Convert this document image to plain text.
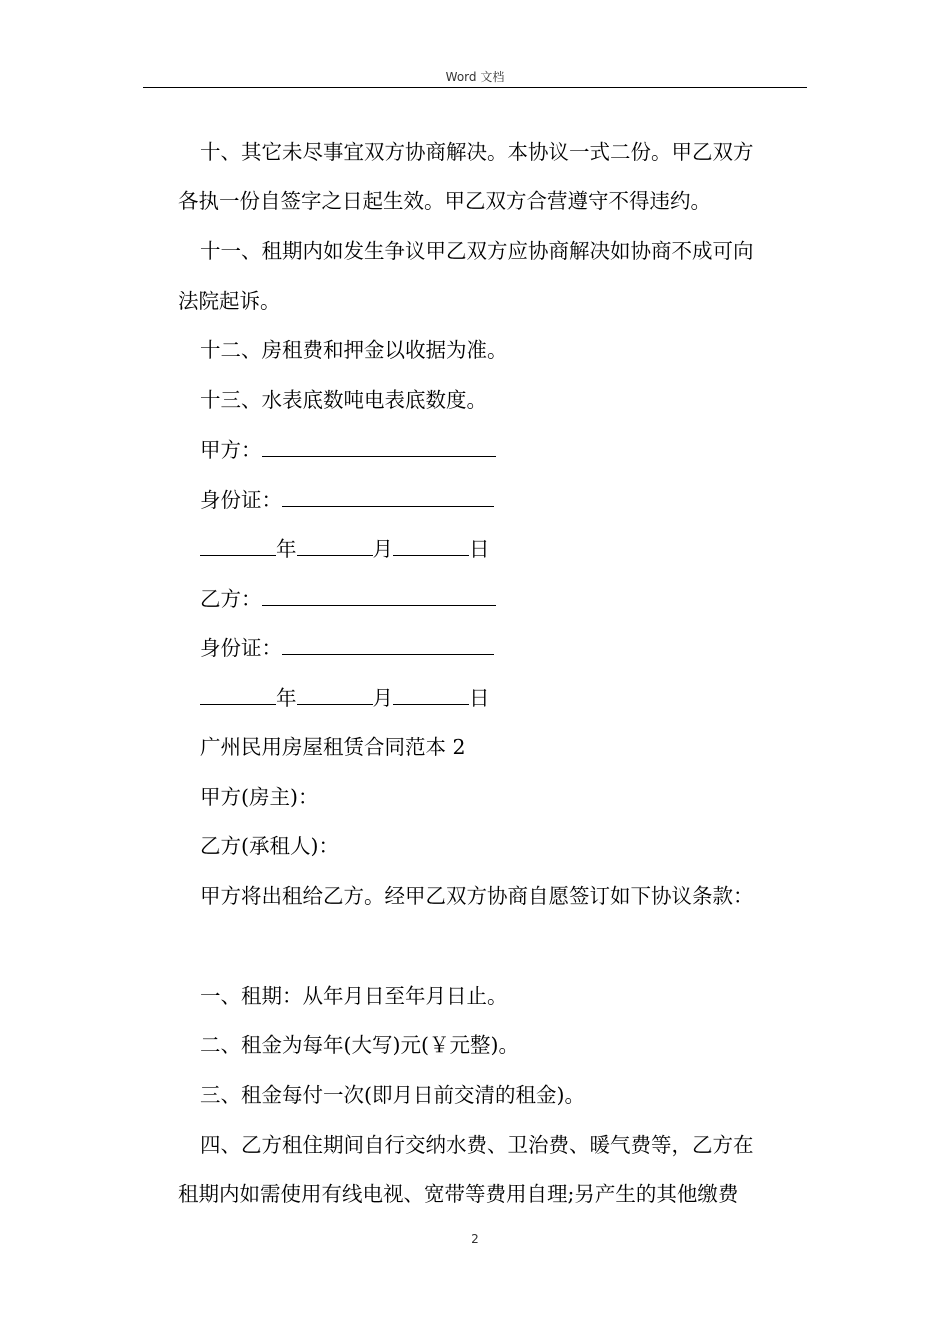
Word 文档
十、其它未尽事宜双方协商解决。本协议一式二份。甲乙双方
各执一份自签字之日起生效。甲乙双方合营遵守不得违约。
十一、租期内如发生争议甲乙双方应协商解决如协商不成可向
法院起诉。
十二、房租费和押金以收据为准。
十三、水表底数吨电表底数度。
甲方：
身份证：
年	月	日
乙方：
身份证：
年	月	日
广州民用房屋租赁合同范本 2
甲方(房主)：
乙方(承租人)：
甲方将出租给乙方。经甲乙双方协商自愿签订如下协议条款：
一、租期：从年月日至年月日止。
二、租金为每年(大写)元(￥元整)。
三、租金每付一次(即月日前交清的租金)。
四、乙方租住期间自行交纳水费、卫治费、暖气费等，乙方在
租期内如需使用有线电视、宽带等费用自理;另产生的其他缴费
2
